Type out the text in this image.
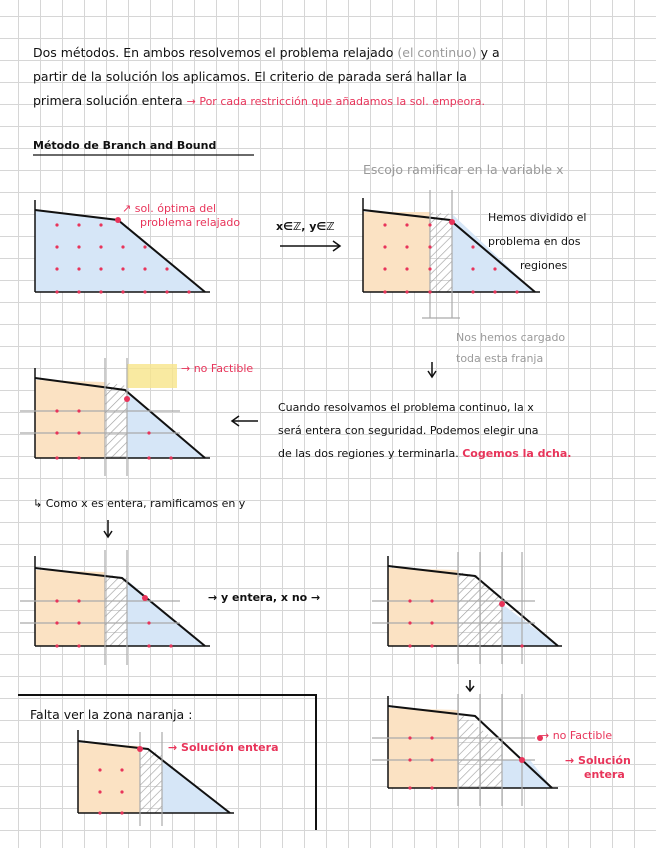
Dos métodos. En ambos resolvemos el problema relajado (el continuo) y a
partir de la solución los aplicamos. El criterio de parada será hallar la
primera solución entera → Por cada restricción que añadamos la sol. empeora.
Método de Branch and Bound
Escojo ramificar en la variable x
↗ sol. óptima del
problema relajado	x∈ℤ, y∈ℤ
Hemos dividido el
problema en dos
regiones
Nos hemos cargado
toda esta franja
→ no Factible
Cuando resolvamos el problema continuo, la x
será entera con seguridad. Podemos elegir una
de las dos regiones y terminarla. Cogemos la dcha.
↳ Como x es entera, ramificamos en y
→ y entera, x no →
→ no Factible
→ Solución
entera
Falta ver la zona naranja :
→ Solución entera
